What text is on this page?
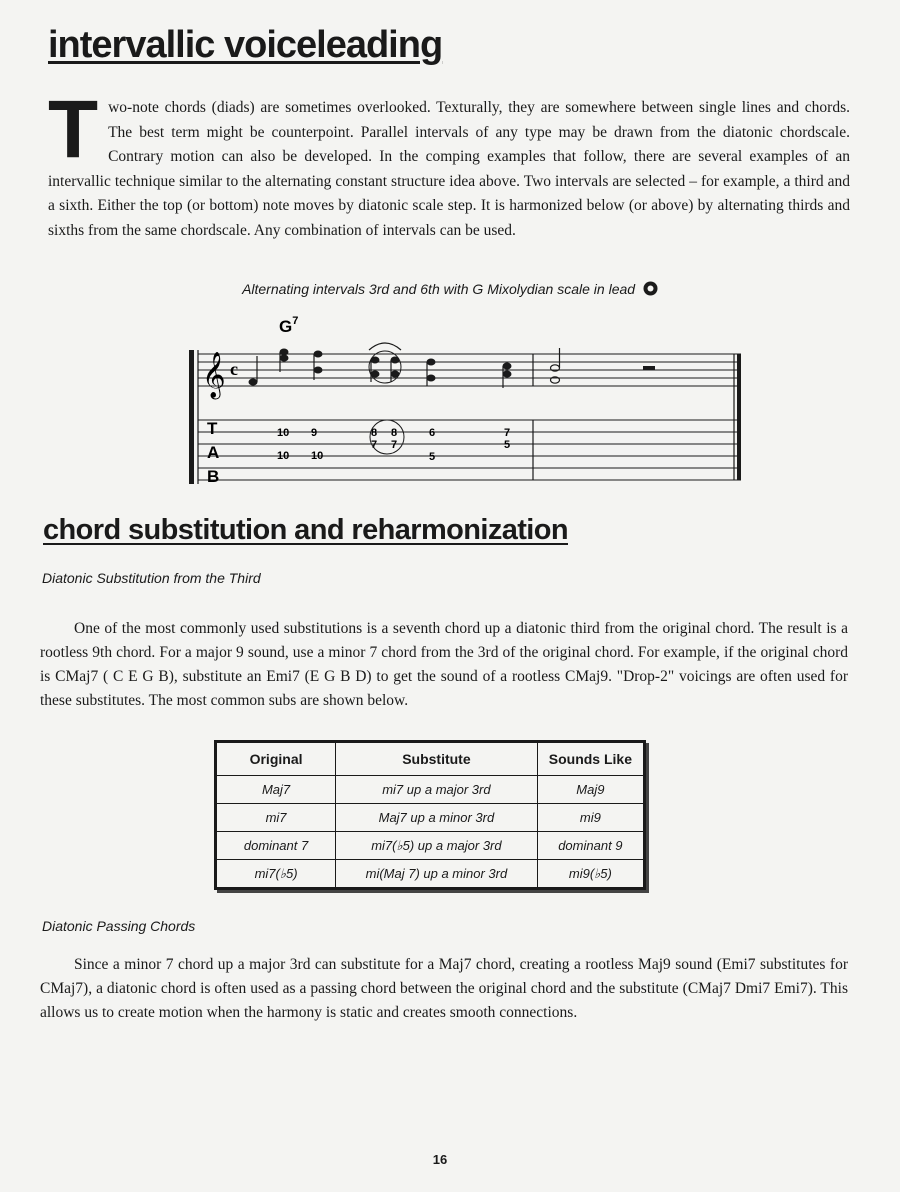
intervallic voiceleading

Two-note chords (diads) are sometimes overlooked. Texturally, they are somewhere between single lines and chords. The best term might be counterpoint. Parallel intervals of any type may be drawn from the diatonic chordscale. Contrary motion can also be developed. In the comping examples that follow, there are several examples of an intervallic technique similar to the alternating constant structure idea above. Two intervals are selected – for example, a third and a sixth. Either the top (or bottom) note moves by diatonic scale step. It is harmonized below (or above) by alternating thirds and sixths from the same chordscale. Any combination of intervals can be used.

Alternating intervals 3rd and 6th with G Mixolydian scale in lead
$G^7$
𝄞 c
T
A
B
10
10
9
10
8 8
7 7
6
5
7
5
chord substitution and reharmonization

Diatonic Substitution from the Third

One of the most commonly used substitutions is a seventh chord up a diatonic third from the original chord. The result is a rootless 9th chord. For a major 9 sound, use a minor 7 chord from the 3rd of the original chord. For example, if the original chord is CMaj7 ( C E G B), substitute an Emi7 (E G B D) to get the sound of a rootless CMaj9. "Drop-2" voicings are often used for these substitutes. The most common subs are shown below.

Original	Substitute	Sounds Like
Maj7	mi7 up a major 3rd	Maj9
mi7	Maj7 up a minor 3rd	mi9
dominant 7	mi7(♭5) up a major 3rd	dominant 9
mi7(♭5)	mi(Maj 7) up a minor 3rd	mi9(♭5)

Diatonic Passing Chords

Since a minor 7 chord up a major 3rd can substitute for a Maj7 chord, creating a rootless Maj9 sound (Emi7 substitutes for CMaj7), a diatonic chord is often used as a passing chord between the original chord and the substitute (CMaj7 Dmi7 Emi7). This allows us to create motion when the harmony is static and creates smooth connections.

16
